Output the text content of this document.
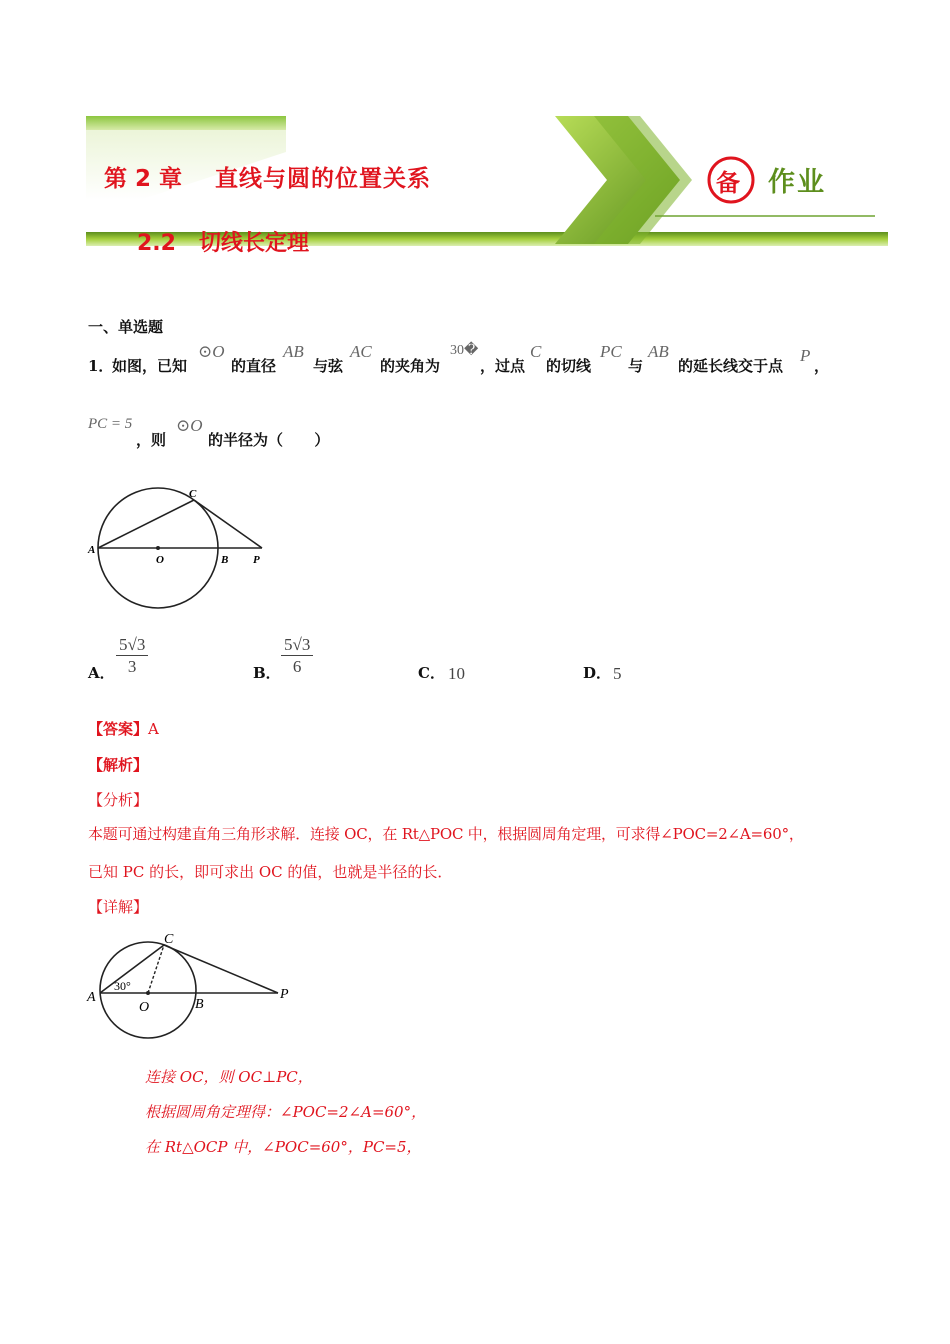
第 2 章 直线与圆的位置关系
2.2   切线长定理
备 作业
一、单选题
1．
如图，已知
⊙O
的直径
AB
与弦
AC
的夹角为
30�
，过点
C
的切线
PC
与
AB
的延长线交于点
P
，
PC = 5
，则
⊙O
的半径为（      ）
A
O	B P
C
A． $\frac{5√3}{3}$	B． $\frac{5√3}{6}$	C． 10	D． 5
【答案】A
【解析】
【分析】
本题可通过构建直角三角形求解．连接 OC，在 Rt△POC 中，根据圆周角定理，可求得∠POC=2∠A=60°，
已知 PC 的长，即可求出 OC 的值，也就是半径的长．
【详解】
A
O	B
P
C
30°
连接 OC，则 OC⊥PC，
根据圆周角定理得：∠POC=2∠A=60°，
在 Rt△OCP 中，∠POC=60°，PC=5，
